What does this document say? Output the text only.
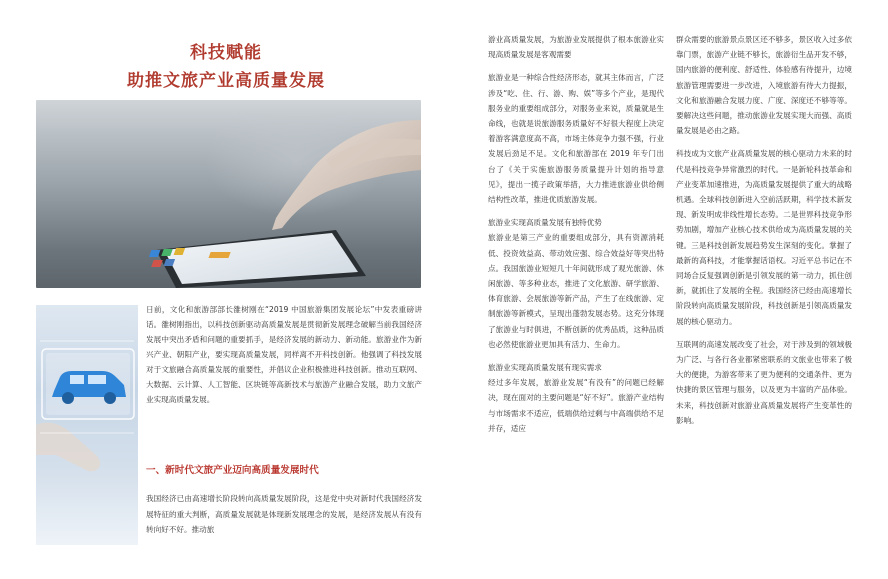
科技赋能
助推文旅产业高质量发展
日前，文化和旅游部部长雒树刚在“2019 中国旅游集团发展论坛”中发表重磅讲话。雒树刚指出，以科技创新驱动高质量发展是贯彻新发展理念破解当前我国经济发展中突出矛盾和问题的重要抓手，是经济发展的新动力、新动能。旅游业作为新兴产业、朝阳产业，要实现高质量发展，同样离不开科技创新。他强调了科技发展对于文旅融合高质量发展的重要性，并倡议企业积极推进科技创新。推动互联网、大数据、云计算、人工智能、区块链等高新技术与旅游产业融合发展，助力文旅产业实现高质量发展。
一、新时代文旅产业迈向高质量发展时代
我国经济已由高速增长阶段转向高质量发展阶段，这是党中央对新时代我国经济发展特征的重大判断，高质量发展就是体现新发展理念的发展，是经济发展从有没有转向好不好。推动旅

游业高质量发展，为旅游业发展提供了根本旅游业实现高质量发展是客观需要

旅游业是一种综合性经济形态，就其主体而言，广泛涉及“吃、住、行、游、购、娱”等多个产业，是现代服务业的重要组成部分，对服务业来说，质量就是生命线，也就是说旅游服务质量好不好很大程度上决定着游客满意度高不高，市场主体竞争力强不强，行业发展后劲足不足。文化和旅游部在 2019 年专门出台了《关于实施旅游服务质量提升计划的指导意见》，提出一揽子政策举措，大力推进旅游业供给侧结构性改革，推进优质旅游发展。

旅游业实现高质量发展有独特优势
旅游业是第三产业的重要组成部分，具有资源消耗低、投资效益高、带动效应强、综合效益好等突出特点。我国旅游业短短几十年间就形成了观光旅游、休闲旅游、等多种业态，推进了文化旅游、研学旅游、体育旅游、会展旅游等新产品，产生了在线旅游、定制旅游等新模式，呈现出蓬勃发展态势。这充分体现了旅游业与时俱进，不断创新的优秀品质，这种品质也必然使旅游业更加具有活力、生命力。

旅游业实现高质量发展有现实需求
经过多年发展，旅游业发展“有没有”的问题已经解决，现在面对的主要问题是“好不好”。旅游产业结构与市场需求不适应，低端供给过剩与中高端供给不足并存，适应

群众需要的旅游景点景区还不够多，景区收入过多依靠门票，旅游产业链不够长，旅游衍生品开发不够，国内旅游的便利度、舒适性、体验感有待提升，边境旅游管理需要进一步改进，入境旅游有待大力提振，文化和旅游融合发展力度、广度、深度还不够等等。要解决这些问题，推动旅游业发展实现大而强、高质量发展是必由之路。

科技成为文旅产业高质量发展的核心驱动力未来的时代是科技竞争异常激烈的时代。一是新轮科技革命和产业变革加速推进，为高质量发展提供了重大的战略机遇。全球科技创新进入空前活跃期，科学技术新发现、新发明成非线性增长态势。二是世界科技竞争形势加剧，增加产业核心技术供给成为高质量发展的关键。三是科技创新发展趋势发生深刻的变化。掌握了最新的高科技，才能掌握话语权。习近平总书记在不同场合反复强调创新是引领发展的第一动力，抓住创新，就抓住了发展的全程。我国经济已经由高速增长阶段转向高质量发展阶段，科技创新是引领高质量发展的核心驱动力。

互联网的高速发展改变了社会，对于涉及到的领域极为广泛、与各行各业都紧密联系的文旅业也带来了极大的便捷，为游客带来了更为便利的交通条件、更为快捷的景区管理与服务，以及更为丰富的产品体验。未来，科技创新对旅游业高质量发展将产生变革性的影响。
